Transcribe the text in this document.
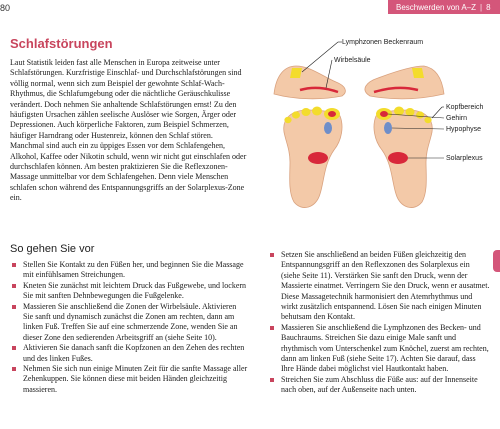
80	Beschwerden von A–Z | 8
Schlafstörungen

Laut Statistik leiden fast alle Menschen in Europa zeitweise unter Schlafstörungen. Kurzfristige Einschlaf- und Durchschlafstörungen sind völlig normal, wenn sich zum Beispiel der gewohnte Schlaf-Wach-Rhythmus, die Schlafumgebung oder die nächtliche Geräuschkulisse verändert. Doch nehmen Sie anhaltende Schlafstörungen ernst! Zu den häufigsten Ursachen zählen seelische Auslöser wie Sorgen, Ärger oder Depressionen. Auch körperliche Faktoren, zum Beispiel Schmerzen, häufiger Harndrang oder Hustenreiz, können den Schlaf stören. Manchmal sind auch ein zu üppiges Essen vor dem Schlafengehen, Alkohol, Kaffee oder Nikotin schuld, wenn wir nicht gut einschlafen oder durchschlafen können. Am besten praktizieren Sie die Reflexzonen-Massage unmittelbar vor dem Schlafengehen. Denn viele Menschen schlafen schon während des Entspannungsgriffs an der Solarplexus-Zone ein.

So gehen Sie vor
Stellen Sie Kontakt zu den Füßen her, und beginnen Sie die Massage mit einfühlsamen Streichungen.
Kneten Sie zunächst mit leichtem Druck das Fußgewebe, und lockern Sie mit sanften Dehnbewegungen die Fußgelenke.
Massieren Sie anschließend die Zonen der Wirbelsäule. Aktivieren Sie sanft und dynamisch zunächst die Zonen am rechten, dann am linken Fuß. Treffen Sie auf eine schmerzende Zone, wenden Sie an dieser Zone den sedierenden Arbeitsgriff an (siehe Seite 10).
Aktivieren Sie danach sanft die Kopfzonen an den Zehen des rechten und des linken Fußes.
Nehmen Sie sich nun einige Minuten Zeit für die sanfte Massage aller Zehenkuppen. Sie können diese mit beiden Händen gleichzeitig massieren.
Setzen Sie anschließend an beiden Füßen gleichzeitig den Entspannungsgriff an den Reflexzonen des Solarplexus ein (siehe Seite 11). Verstärken Sie sanft den Druck, wenn der Massierte einatmet. Verringern Sie den Druck, wenn er ausatmet. Diese Massagetechnik harmonisiert den Atemrhythmus und wirkt zusätzlich entspannend. Lösen Sie nach einigen Minuten behutsam den Kontakt.
Massieren Sie anschließend die Lymphzonen des Becken- und Bauchraums. Streichen Sie dazu einige Male sanft und rhythmisch vom Unterschenkel zum Knöchel, zuerst am rechten, dann am linken Fuß (siehe Seite 17). Achten Sie darauf, dass Ihre Hände dabei möglichst viel Hautkontakt haben.
Streichen Sie zum Abschluss die Füße aus: auf der Innenseite nach oben, auf der Außenseite nach unten.
Lymphzonen Beckenraum
Wirbelsäule
Kopfbereich
Gehirn
Hypophyse
Solarplexus
